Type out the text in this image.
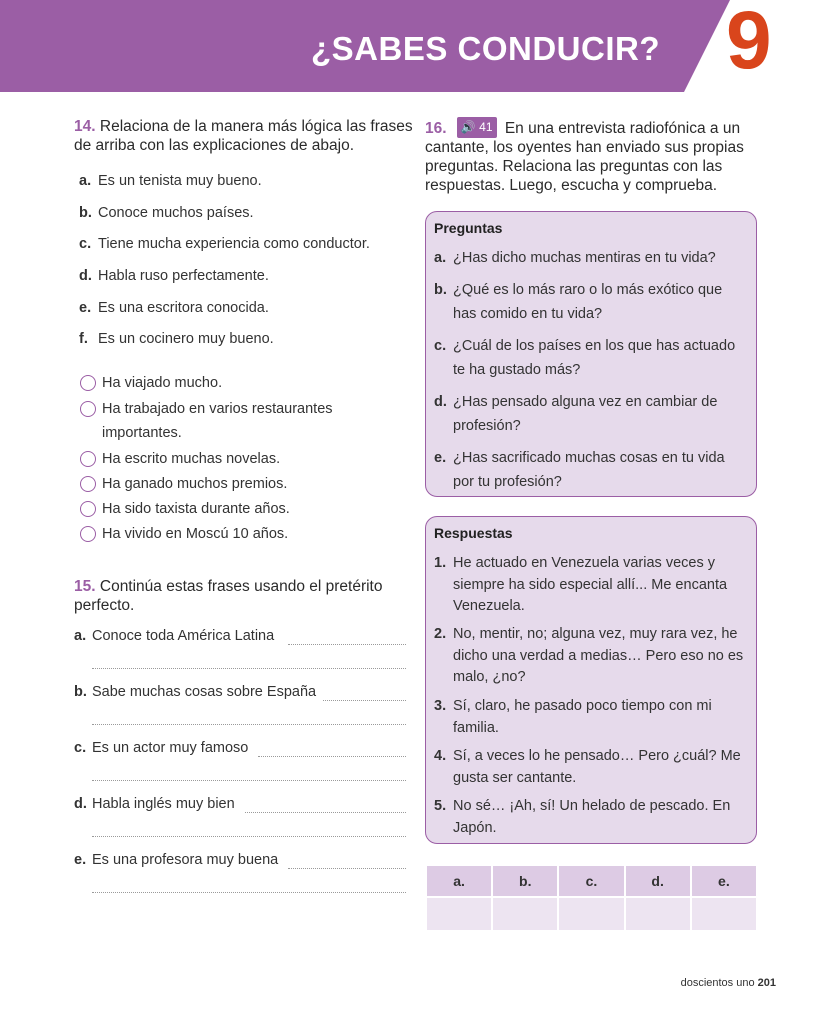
¿SABES CONDUCIR? 9
14. Relaciona de la manera más lógica las frases de arriba con las explicaciones de abajo.
a. Es un tenista muy bueno.
b. Conoce muchos países.
c. Tiene mucha experiencia como conductor.
d. Habla ruso perfectamente.
e. Es una escritora conocida.
f. Es un cocinero muy bueno.
Ha viajado mucho.
Ha trabajado en varios restaurantes importantes.
Ha escrito muchas novelas.
Ha ganado muchos premios.
Ha sido taxista durante años.
Ha vivido en Moscú 10 años.
15. Continúa estas frases usando el pretérito perfecto.
a. Conoce toda América Latina
b. Sabe muchas cosas sobre España
c. Es un actor muy famoso
d. Habla inglés muy bien
e. Es una profesora muy buena
16. 🔊 41 En una entrevista radiofónica a un cantante, los oyentes han enviado sus propias preguntas. Relaciona las preguntas con las respuestas. Luego, escucha y comprueba.
Preguntas
a. ¿Has dicho muchas mentiras en tu vida?
b. ¿Qué es lo más raro o lo más exótico que has comido en tu vida?
c. ¿Cuál de los países en los que has actuado te ha gustado más?
d. ¿Has pensado alguna vez en cambiar de profesión?
e. ¿Has sacrificado muchas cosas en tu vida por tu profesión?
Respuestas
1. He actuado en Venezuela varias veces y siempre ha sido especial allí... Me encanta Venezuela.
2. No, mentir, no; alguna vez, muy rara vez, he dicho una verdad a medias… Pero eso no es malo, ¿no?
3. Sí, claro, he pasado poco tiempo con mi familia.
4. Sí, a veces lo he pensado… Pero ¿cuál? Me gusta ser cantante.
5. No sé… ¡Ah, sí! Un helado de pescado. En Japón.
a.	b.	c.	d.	e.

doscientos uno 201
